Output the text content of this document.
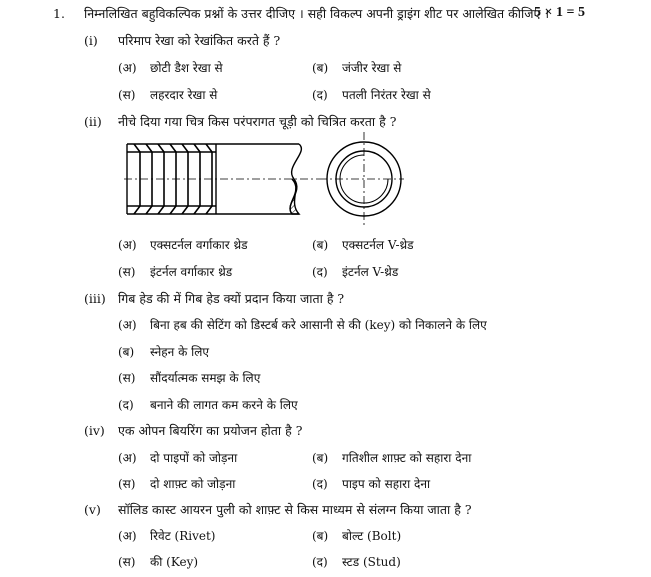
1. निम्नलिखित बहुविकल्पिक प्रश्नों के उत्तर दीजिए । सही विकल्प अपनी ड्राइंग शीट पर आलेखित कीजिए ।
5 × 1 = 5
(i) परिमाप रेखा को रेखांकित करते हैं ?
(अ) छोटी डैश रेखा से	(ब) जंजीर रेखा से
(स) लहरदार रेखा से	(द) पतली निरंतर रेखा से
(ii) नीचे दिया गया चित्र किस परंपरागत चूड़ी को चित्रित करता है ?
(अ) एक्सटर्नल वर्गाकार थ्रेड	(ब) एक्सटर्नल V-थ्रेड
(स) इंटर्नल वर्गाकार थ्रेड	(द) इंटर्नल V-थ्रेड
(iii) गिब हेड की में गिब हेड क्यों प्रदान किया जाता है ?
(अ) बिना हब की सेटिंग को डिस्टर्ब करे आसानी से की (key) को निकालने के लिए
(ब) स्नेहन के लिए
(स) सौंदर्यात्मक समझ के लिए
(द) बनाने की लागत कम करने के लिए
(iv) एक ओपन बियरिंग का प्रयोजन होता है ?
(अ) दो पाइपों को जोड़ना	(ब) गतिशील शाफ़्ट को सहारा देना
(स) दो शाफ़्ट को जोड़ना	(द) पाइप को सहारा देना
(v) सॉलिड कास्ट आयरन पुली को शाफ़्ट से किस माध्यम से संलग्न किया जाता है ?
(अ) रिवेट (Rivet)	(ब) बोल्ट (Bolt)
(स) की (Key)	(द) स्टड (Stud)
